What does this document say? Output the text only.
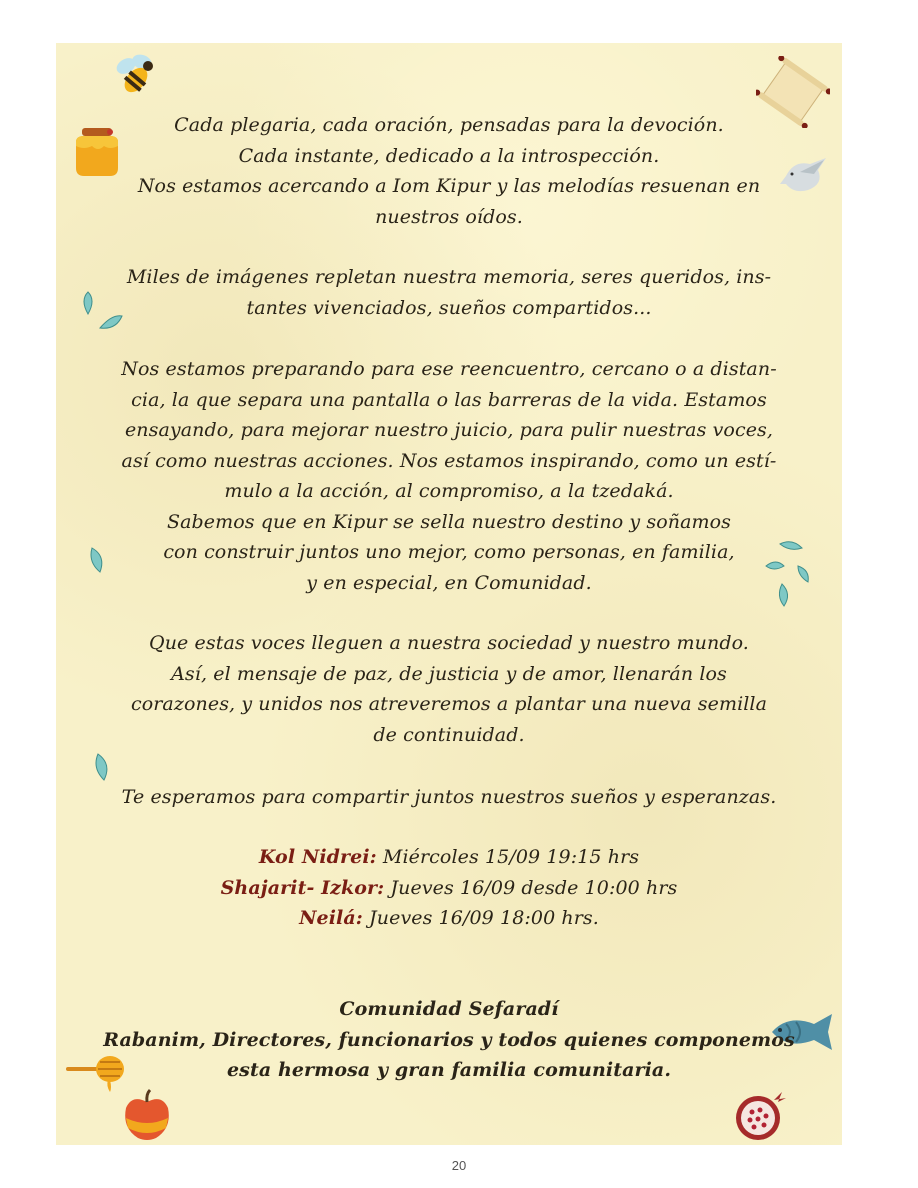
Cada plegaria, cada oración, pensadas para la devoción.
Cada instante, dedicado a la introspección.
Nos estamos acercando a Iom Kipur y las melodías resuenan en
nuestros oídos.
Miles de imágenes repletan nuestra memoria, seres queridos, ins-
tantes vivenciados, sueños compartidos...
Nos estamos preparando para ese reencuentro, cercano o a distan-
cia, la que separa una pantalla o las barreras de la vida. Estamos
ensayando, para mejorar nuestro juicio, para pulir nuestras voces,
así como nuestras acciones. Nos estamos inspirando, como un estí-
mulo a la acción, al compromiso, a la tzedaká.
Sabemos que en Kipur se sella nuestro destino y soñamos
con construir juntos uno mejor, como personas, en familia,
y en especial, en Comunidad.
Que estas voces lleguen a nuestra sociedad y nuestro mundo.
Así, el mensaje de paz, de justicia y de amor, llenarán los
corazones, y unidos nos atreveremos a plantar una nueva semilla
de continuidad.
Te esperamos para compartir juntos nuestros sueños y esperanzas.
Kol Nidrei: Miércoles 15/09 19:15 hrs
Shajarit- Izkor: Jueves 16/09 desde 10:00 hrs
Neilá: Jueves 16/09 18:00 hrs.
Comunidad Sefaradí
Rabanim, Directores, funcionarios y todos quienes componemos
esta hermosa y gran familia comunitaria.
20
